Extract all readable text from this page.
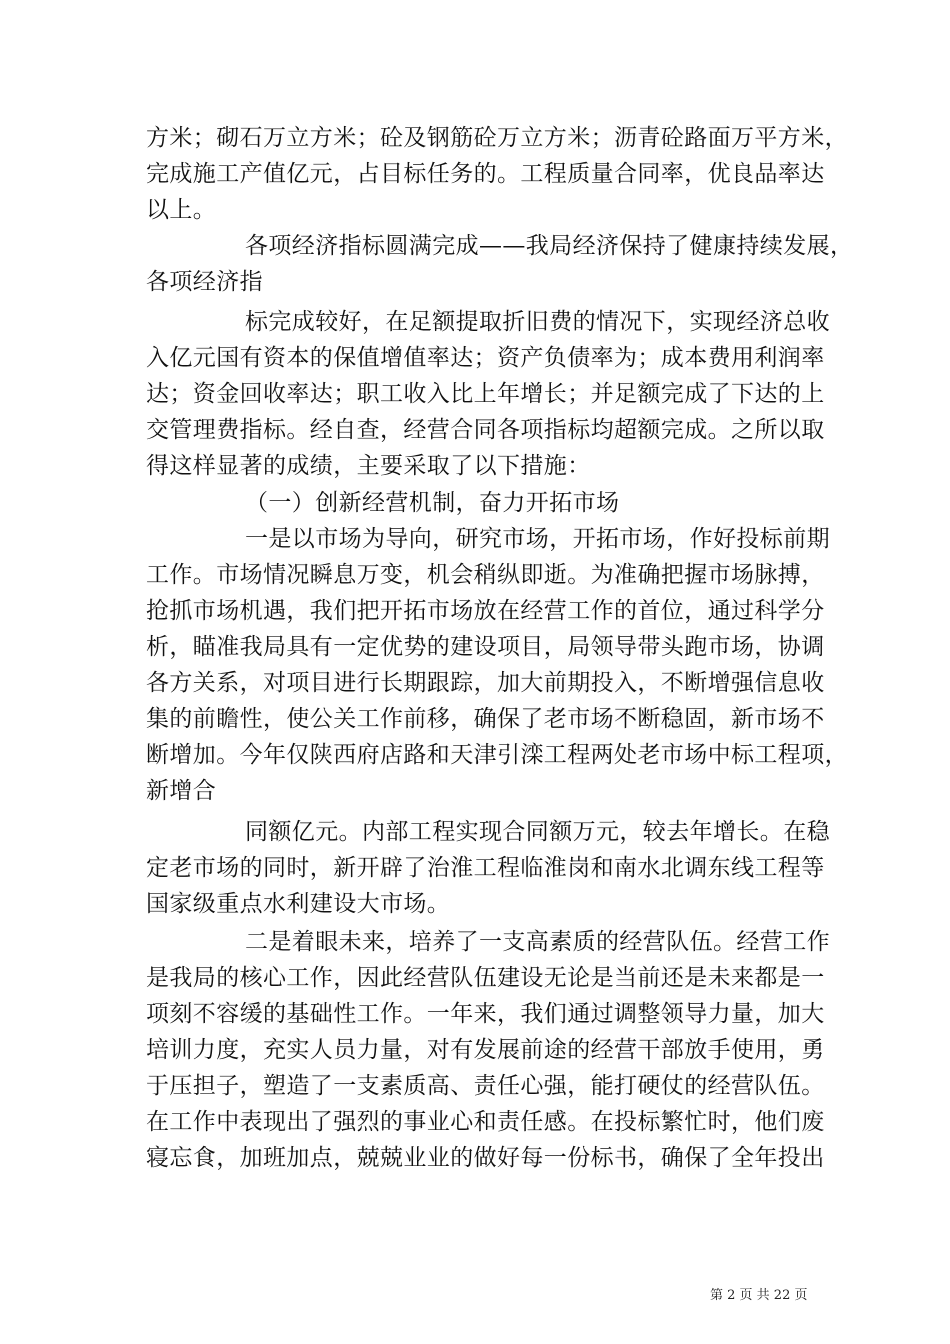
方米；砌石万立方米；砼及钢筋砼万立方米；沥青砼路面万平方米，
完成施工产值亿元，占目标任务的。工程质量合同率，优良品率达
以上。
各项经济指标圆满完成——我局经济保持了健康持续发展，
各项经济指
标完成较好，在足额提取折旧费的情况下，实现经济总收
入亿元国有资本的保值增值率达；资产负债率为；成本费用利润率
达；资金回收率达；职工收入比上年增长；并足额完成了下达的上
交管理费指标。经自查，经营合同各项指标均超额完成。之所以取
得这样显著的成绩，主要采取了以下措施：
（一）创新经营机制，奋力开拓市场
一是以市场为导向，研究市场，开拓市场，作好投标前期
工作。市场情况瞬息万变，机会稍纵即逝。为准确把握市场脉搏，
抢抓市场机遇，我们把开拓市场放在经营工作的首位，通过科学分
析，瞄准我局具有一定优势的建设项目，局领导带头跑市场，协调
各方关系，对项目进行长期跟踪，加大前期投入，不断增强信息收
集的前瞻性，使公关工作前移，确保了老市场不断稳固，新市场不
断增加。今年仅陕西府店路和天津引滦工程两处老市场中标工程项，
新增合
同额亿元。内部工程实现合同额万元，较去年增长。在稳
定老市场的同时，新开辟了治淮工程临淮岗和南水北调东线工程等
国家级重点水利建设大市场。
二是着眼未来，培养了一支高素质的经营队伍。经营工作
是我局的核心工作，因此经营队伍建设无论是当前还是未来都是一
项刻不容缓的基础性工作。一年来，我们通过调整领导力量，加大
培训力度，充实人员力量，对有发展前途的经营干部放手使用，勇
于压担子，塑造了一支素质高、责任心强，能打硬仗的经营队伍。
在工作中表现出了强烈的事业心和责任感。在投标繁忙时，他们废
寝忘食，加班加点，兢兢业业的做好每一份标书，确保了全年投出
第 2 页 共 22 页
